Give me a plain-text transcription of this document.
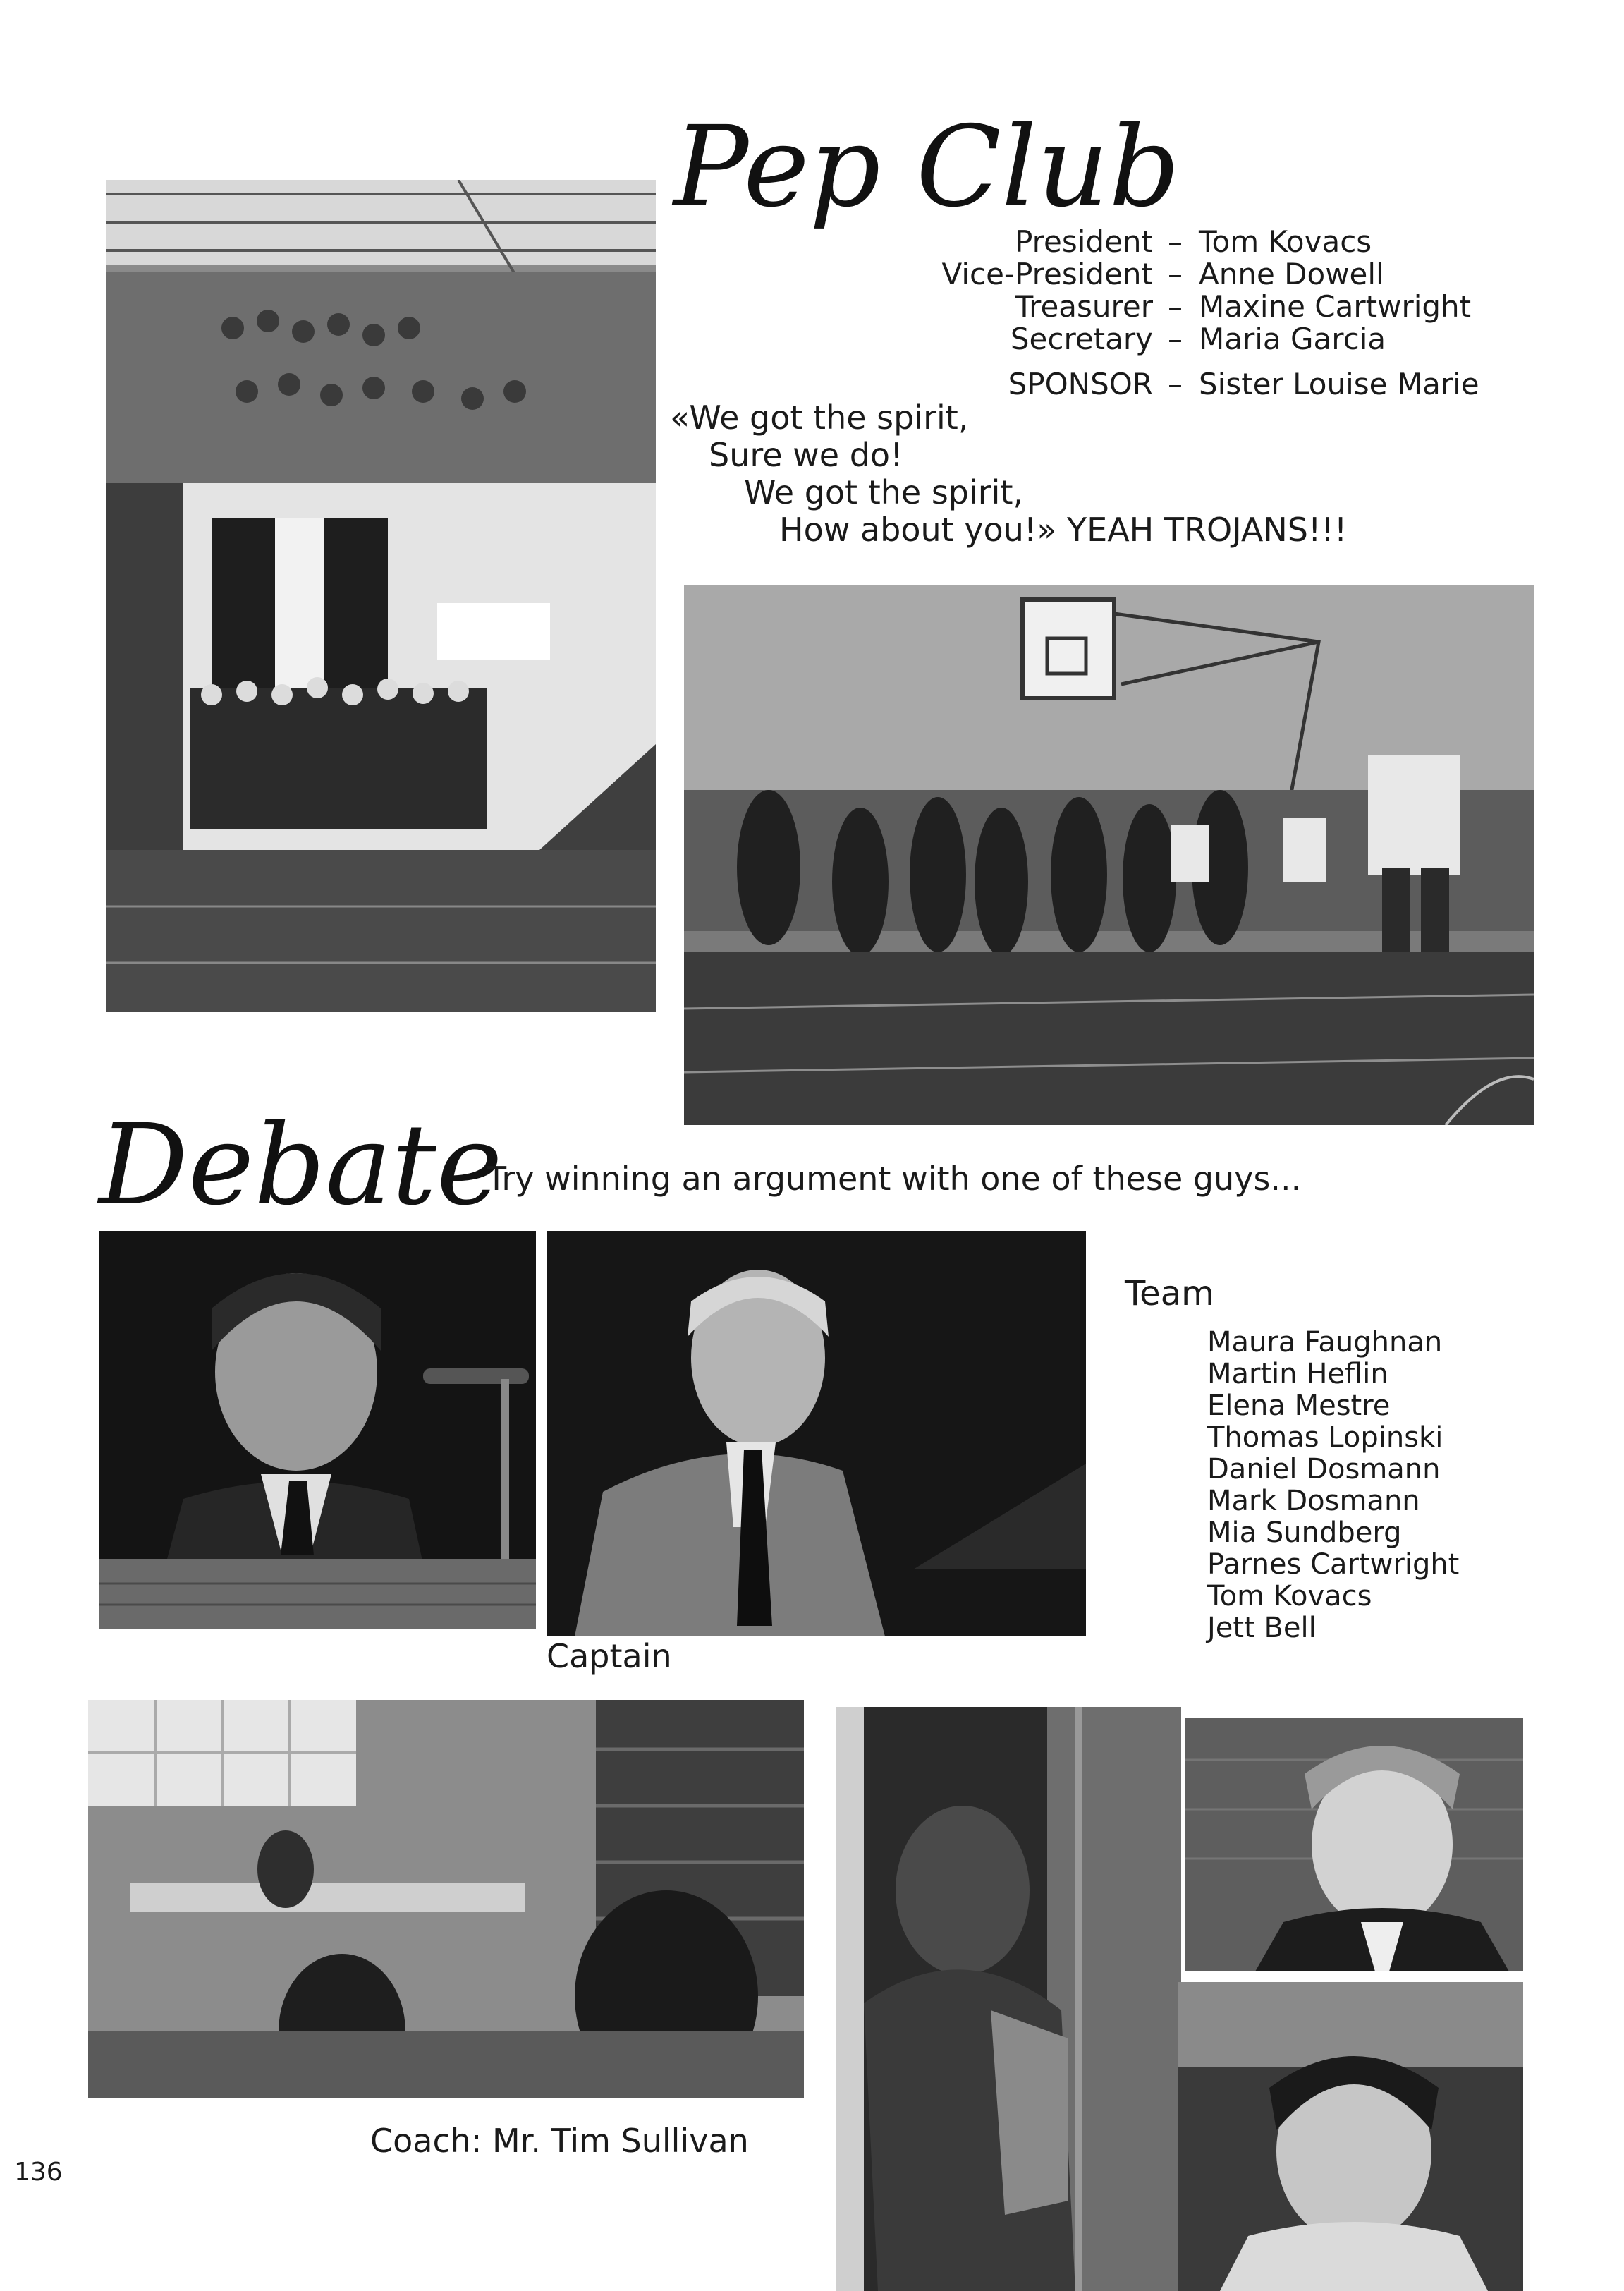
Pep Club
President – Tom Kovacs
Vice-President – Anne Dowell
Treasurer – Maxine Cartwright
Secretary – Maria Garcia
SPONSOR – Sister Louise Marie
«We got the spirit,
Sure we do!
We got the spirit,
How about you!» YEAH TROJANS!!!
Debate
Try winning an argument with one of these guys...
Captain
Team
Maura Faughnan
Martin Heflin
Elena Mestre
Thomas Lopinski
Daniel Dosmann
Mark Dosmann
Mia Sundberg
Parnes Cartwright
Tom Kovacs
Jett Bell
Coach: Mr. Tim Sullivan
136
